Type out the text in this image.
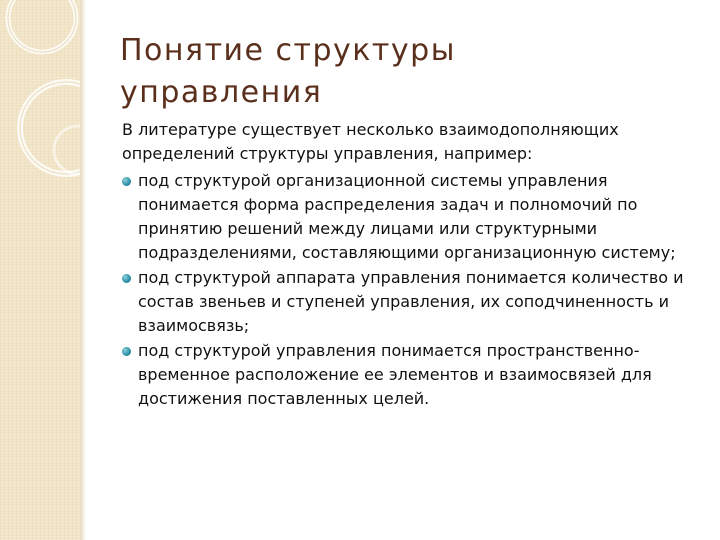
Понятие структуры
управления

В литературе существует несколько взаимодополняющих определений структуры управления, например:

под структурой организационной системы управления понимается форма распределения задач и полномочий по принятию решений между лицами или структурными подразделениями, составляющими организационную систему;
под структурой аппарата управления понимается количество и состав звеньев и ступеней управления, их соподчиненность и взаимосвязь;
под структурой управления понимается пространственно-временное расположение ее элементов и взаимосвязей для достижения поставленных целей.
